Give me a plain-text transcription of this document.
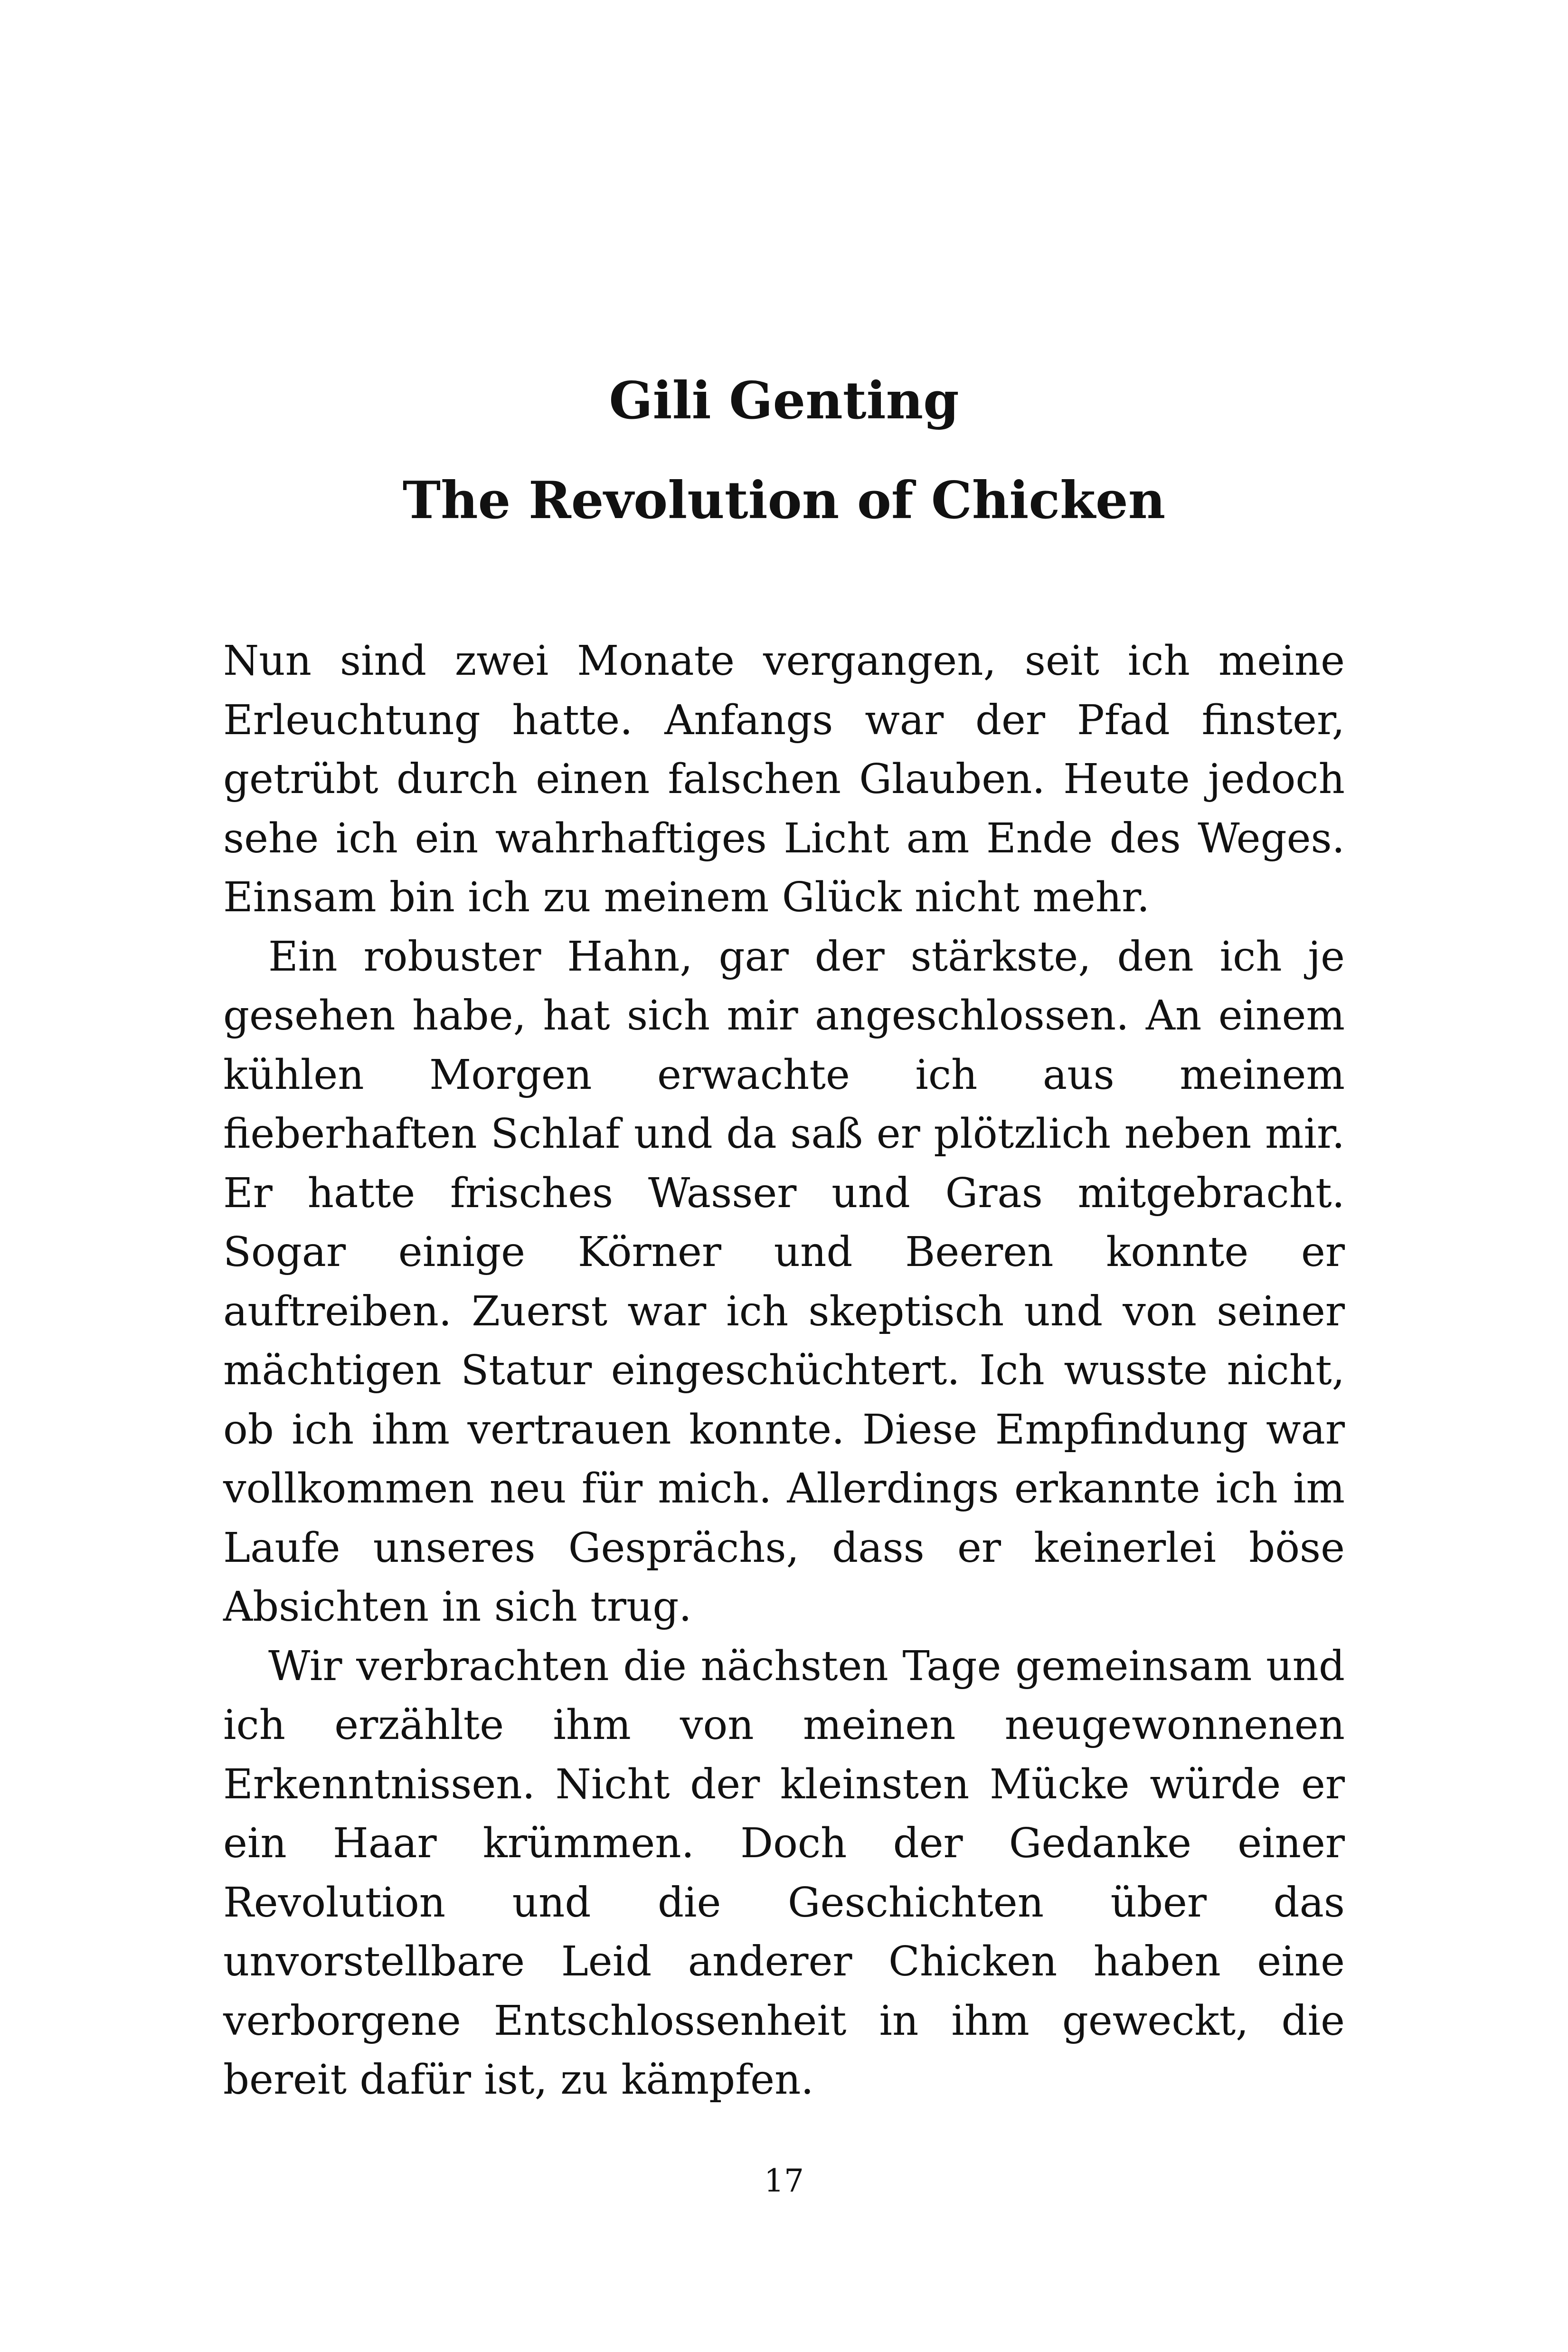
Gili Genting
The Revolution of Chicken

Nun sind zwei Monate vergangen, seit ich meine Erleuchtung hatte. Anfangs war der Pfad finster, getrübt durch einen falschen Glauben. Heute jedoch sehe ich ein wahrhaftiges Licht am Ende des Weges. Einsam bin ich zu meinem Glück nicht mehr.

Ein robuster Hahn, gar der stärkste, den ich je gesehen habe, hat sich mir angeschlossen. An einem kühlen Morgen erwachte ich aus meinem fieberhaften Schlaf und da saß er plötzlich neben mir. Er hatte frisches Wasser und Gras mitgebracht. Sogar einige Körner und Beeren konnte er auftreiben. Zuerst war ich skeptisch und von seiner mächtigen Statur eingeschüchtert. Ich wusste nicht, ob ich ihm vertrauen konnte. Diese Empfindung war vollkommen neu für mich. Allerdings erkannte ich im Laufe unseres Gesprächs, dass er keinerlei böse Absichten in sich trug.

Wir verbrachten die nächsten Tage gemeinsam und ich erzählte ihm von meinen neugewonnenen Erkenntnissen. Nicht der kleinsten Mücke würde er ein Haar krümmen. Doch der Gedanke einer Revolution und die Geschichten über das unvorstellbare Leid anderer Chicken haben eine verborgene Entschlossenheit in ihm geweckt, die bereit dafür ist, zu kämpfen.

17
